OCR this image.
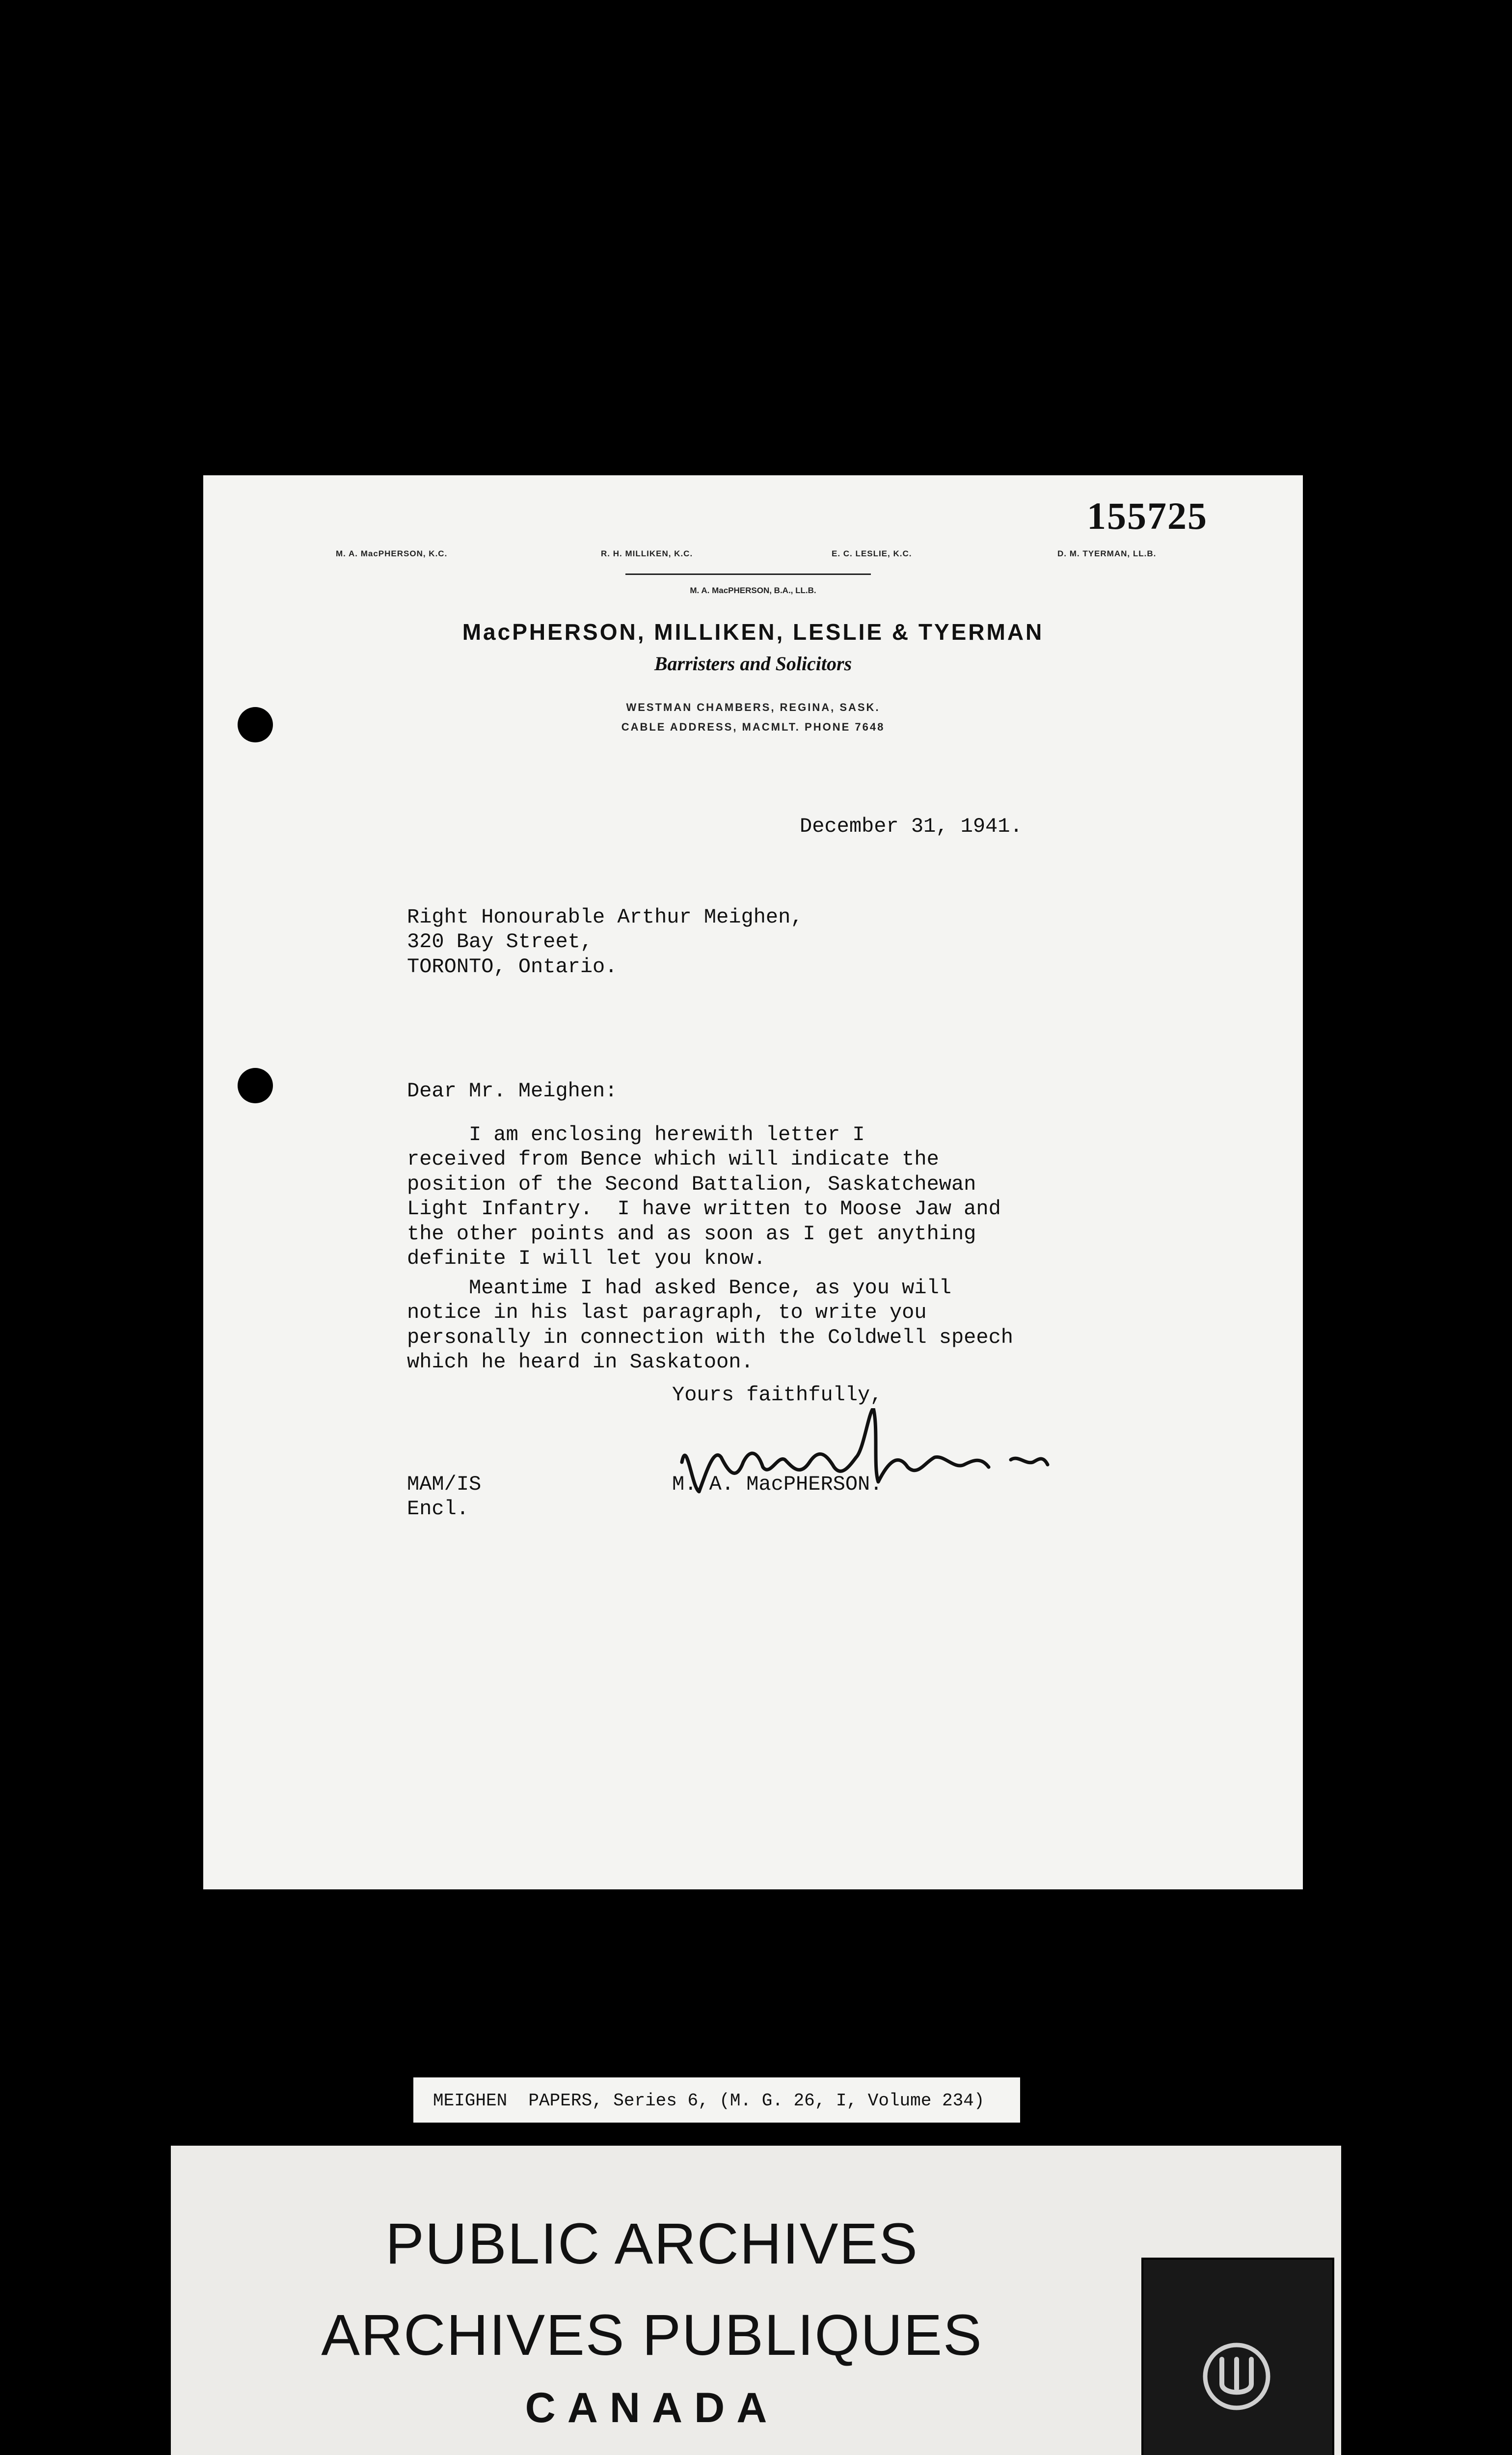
155725
M. A. MacPHERSON, K.C.	R. H. MILLIKEN, K.C.	E. C. LESLIE, K.C.	D. M. TYERMAN, LL.B.
M. A. MacPHERSON, B.A., LL.B.
MacPHERSON, MILLIKEN, LESLIE & TYERMAN
Barristers and Solicitors
WESTMAN CHAMBERS, REGINA, SASK.
CABLE ADDRESS, MACMLT. PHONE 7648
December 31, 1941.
Right Honourable Arthur Meighen,
320 Bay Street,
TORONTO, Ontario.
Dear Mr. Meighen:
I am enclosing herewith letter I
received from Bence which will indicate the
position of the Second Battalion, Saskatchewan
Light Infantry.  I have written to Moose Jaw and
the other points and as soon as I get anything
definite I will let you know.
Meantime I had asked Bence, as you will
notice in his last paragraph, to write you
personally in connection with the Coldwell speech
which he heard in Saskatoon.
Yours faithfully,
M. A. MacPHERSON.
MAM/IS
Encl.
MEIGHEN  PAPERS, Series 6, (M. G. 26, I, Volume 234)
PUBLIC ARCHIVES
ARCHIVES PUBLIQUES
CANADA
